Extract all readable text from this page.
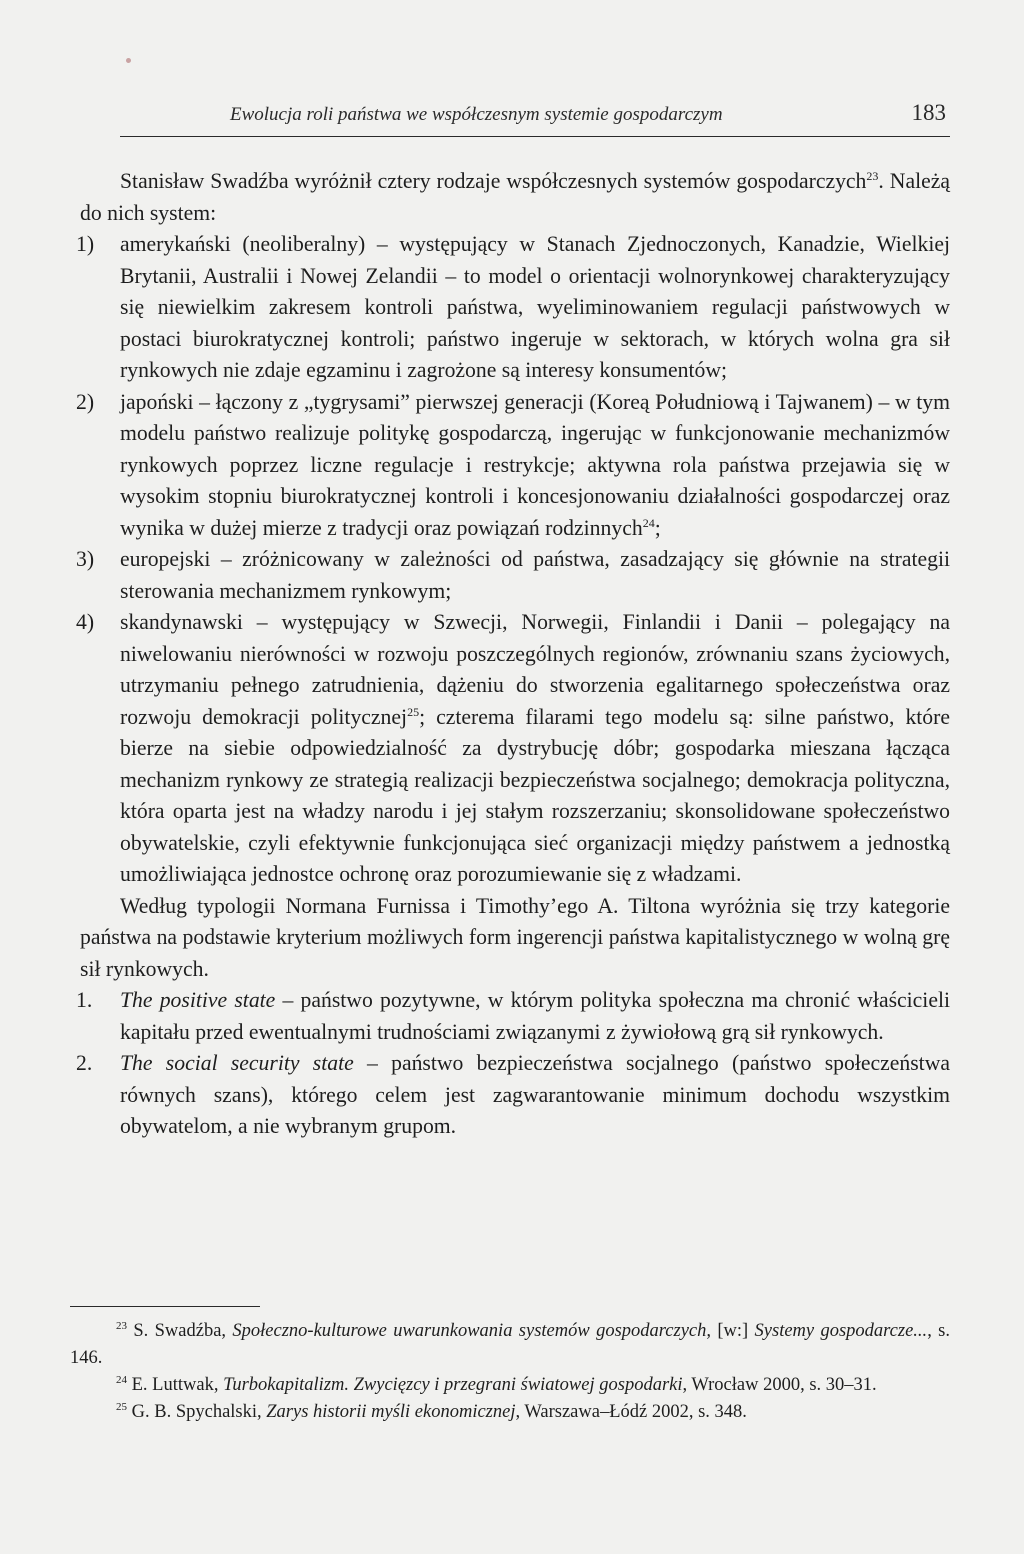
Ewolucja roli państwa we współczesnym systemie gospodarczym	183

Stanisław Swadźba wyróżnił cztery rodzaje współczesnych systemów gospodarczych$^{23}$. Należą do nich system:

1) amerykański (neoliberalny) – występujący w Stanach Zjednoczonych, Kanadzie, Wielkiej Brytanii, Australii i Nowej Zelandii – to model o orientacji wolnorynkowej charakteryzujący się niewielkim zakresem kontroli państwa, wyeliminowaniem regulacji państwowych w postaci biurokratycznej kontroli; państwo ingeruje w sektorach, w których wolna gra sił rynkowych nie zdaje egzaminu i zagrożone są interesy konsumentów;
2) japoński – łączony z „tygrysami” pierwszej generacji (Koreą Południową i Tajwanem) – w tym modelu państwo realizuje politykę gospodarczą, ingerując w funkcjonowanie mechanizmów rynkowych poprzez liczne regulacje i restrykcje; aktywna rola państwa przejawia się w wysokim stopniu biurokratycznej kontroli i koncesjonowaniu działalności gospodarczej oraz wynika w dużej mierze z tradycji oraz powiązań rodzinnych$^{24}$;
3) europejski – zróżnicowany w zależności od państwa, zasadzający się głównie na strategii sterowania mechanizmem rynkowym;
4) skandynawski – występujący w Szwecji, Norwegii, Finlandii i Danii – polegający na niwelowaniu nierówności w rozwoju poszczególnych regionów, zrównaniu szans życiowych, utrzymaniu pełnego zatrudnienia, dążeniu do stworzenia egalitarnego społeczeństwa oraz rozwoju demokracji politycznej$^{25}$; czterema filarami tego modelu są: silne państwo, które bierze na siebie odpowiedzialność za dystrybucję dóbr; gospodarka mieszana łącząca mechanizm rynkowy ze strategią realizacji bezpieczeństwa socjalnego; demokracja polityczna, która oparta jest na władzy narodu i jej stałym rozszerzaniu; skonsolidowane społeczeństwo obywatelskie, czyli efektywnie funkcjonująca sieć organizacji między państwem a jednostką umożliwiająca jednostce ochronę oraz porozumiewanie się z władzami.

Według typologii Normana Furnissa i Timothy’ego A. Tiltona wyróżnia się trzy kategorie państwa na podstawie kryterium możliwych form ingerencji państwa kapitalistycznego w wolną grę sił rynkowych.

1. The positive state – państwo pozytywne, w którym polityka społeczna ma chronić właścicieli kapitału przed ewentualnymi trudnościami związanymi z żywiołową grą sił rynkowych.
2. The social security state – państwo bezpieczeństwa socjalnego (państwo społeczeństwa równych szans), którego celem jest zagwarantowanie minimum dochodu wszystkim obywatelom, a nie wybranym grupom.

$^{23}$ S. Swadźba, Społeczno-kulturowe uwarunkowania systemów gospodarczych, [w:] Systemy gospodarcze..., s. 146.

$^{24}$ E. Luttwak, Turbokapitalizm. Zwycięzcy i przegrani światowej gospodarki, Wrocław 2000, s. 30–31.

$^{25}$ G. B. Spychalski, Zarys historii myśli ekonomicznej, Warszawa–Łódź 2002, s. 348.
